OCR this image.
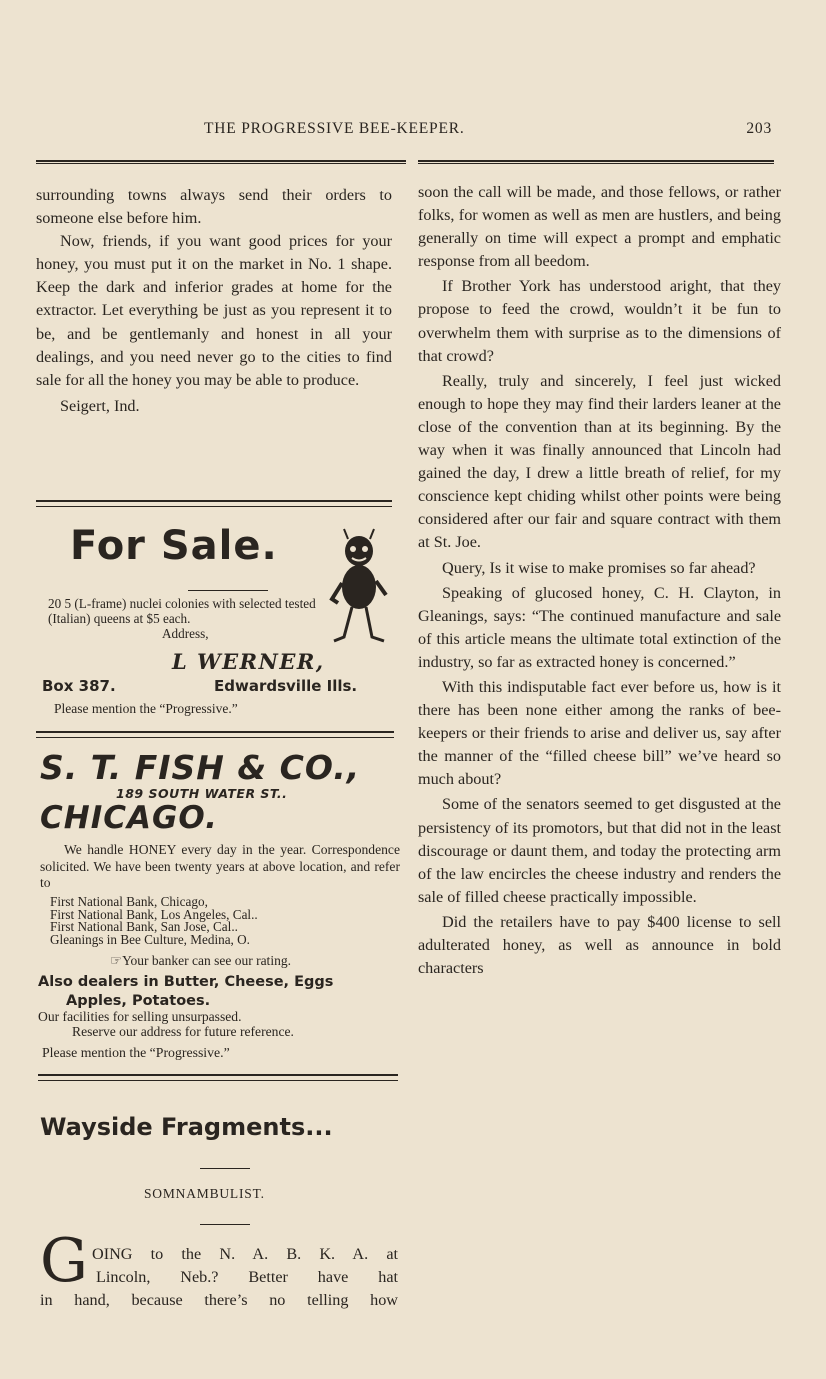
THE PROGRESSIVE BEE-KEEPER.	203

surrounding towns always send their orders to someone else before him.

Now, friends, if you want good prices for your honey, you must put it on the market in No. 1 shape. Keep the dark and inferior grades at home for the extractor. Let everything be just as you represent it to be, and be gentlemanly and honest in all your dealings, and you need never go to the cities to find sale for all the honey you may be able to produce.

Seigert, Ind.

For Sale.
20 5 (L-frame) nuclei colonies with selected tested (Italian) queens at $5 each.
Address,
L WERNER,
Box 387.	Edwardsville Ills.
Please mention the “Progressive.”
S. T. FISH & CO.,
189 SOUTH WATER ST..
CHICAGO.

We handle HONEY every day in the year. Correspondence solicited. We have been twenty years at above location, and refer to

First National Bank, Chicago,
First National Bank, Los Angeles, Cal..
First National Bank, San Jose, Cal..
Gleanings in Bee Culture, Medina, O.
☞Your banker can see our rating.
Also dealers in Butter, Cheese, Eggs
Apples, Potatoes.
Our facilities for selling unsurpassed.
Reserve our address for future reference.
Please mention the “Progressive.”
Wayside Fragments...
SOMNAMBULIST.
G OING to the N. A. B. K. A. at
Lincoln, Neb.? Better have hat
in hand, because there’s no telling how

soon the call will be made, and those fellows, or rather folks, for women as well as men are hustlers, and being generally on time will expect a prompt and emphatic response from all beedom.

If Brother York has understood aright, that they propose to feed the crowd, wouldn’t it be fun to overwhelm them with surprise as to the dimensions of that crowd?

Really, truly and sincerely, I feel just wicked enough to hope they may find their larders leaner at the close of the convention than at its beginning. By the way when it was finally announced that Lincoln had gained the day, I drew a little breath of relief, for my conscience kept chiding whilst other points were being considered after our fair and square contract with them at St. Joe.

Query, Is it wise to make promises so far ahead?

Speaking of glucosed honey, C. H. Clayton, in Gleanings, says: “The continued manufacture and sale of this article means the ultimate total extinction of the industry, so far as extracted honey is concerned.”

With this indisputable fact ever before us, how is it there has been none either among the ranks of bee-keepers or their friends to arise and deliver us, say after the manner of the “filled cheese bill” we’ve heard so much about?

Some of the senators seemed to get disgusted at the persistency of its promotors, but that did not in the least discourage or daunt them, and today the protecting arm of the law encircles the cheese industry and renders the sale of filled cheese practically impossible.

Did the retailers have to pay $400 license to sell adulterated honey, as well as announce in bold characters
